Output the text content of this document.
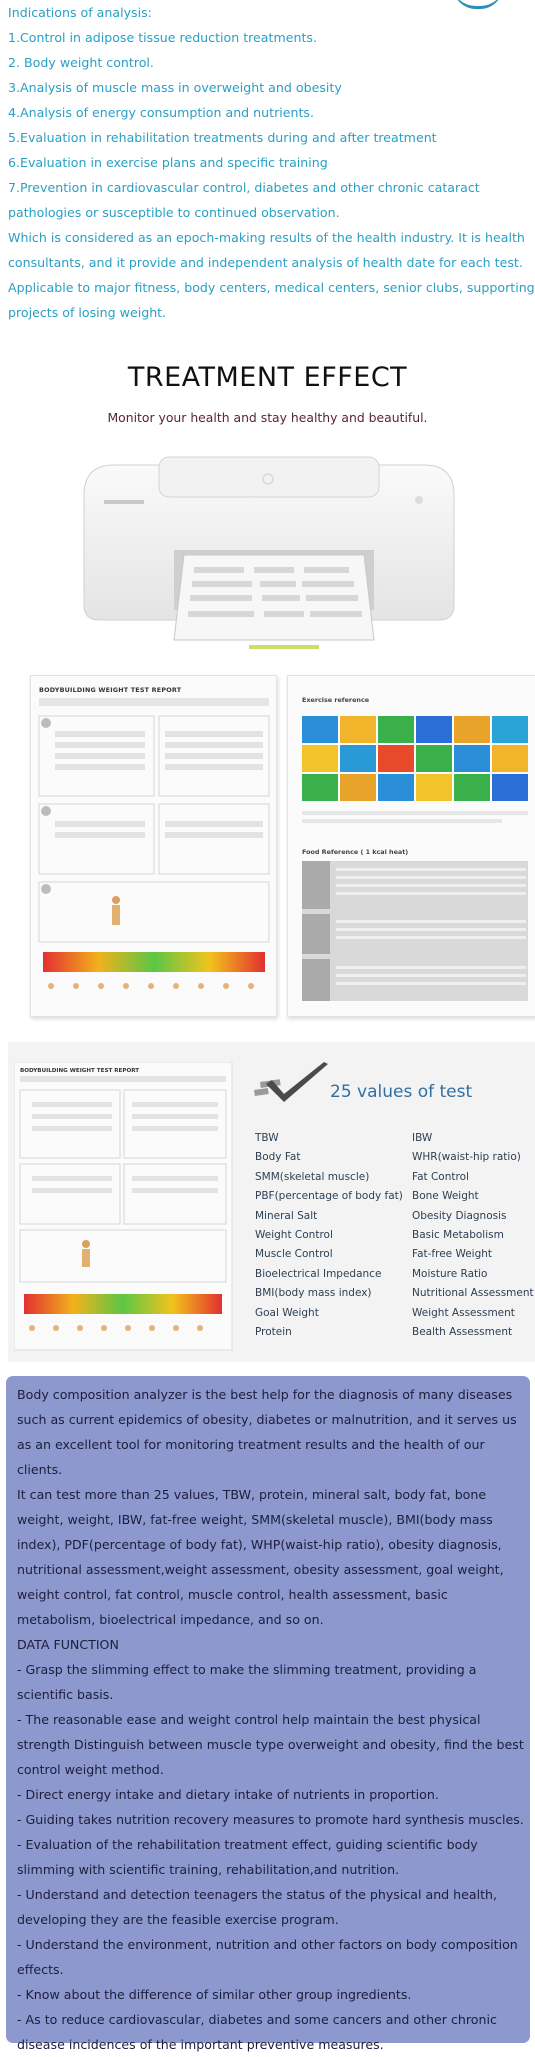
Indications of analysis:
1.Control in adipose tissue reduction treatments.
2. Body weight control.
3.Analysis of muscle mass in overweight and obesity
4.Analysis of energy consumption and nutrients.
5.Evaluation in rehabilitation treatments during and after treatment
6.Evaluation in exercise plans and specific training
7.Prevention in cardiovascular control, diabetes and other chronic cataract
pathologies or susceptible to continued observation.
Which is considered as an epoch-making results of the health industry. It is health
consultants, and it provide and independent analysis of health date for each test.
Applicable to major fitness, body centers, medical centers, senior clubs, supporting
projects of losing weight.
TREATMENT EFFECT
Monitor your health and stay healthy and beautiful.
BODYBUILDING WEIGHT TEST REPORT
Exercise reference
Food Reference ( 1 kcal heat)
BODYBUILDING WEIGHT TEST REPORT
25 values of test
TBW
Body Fat
SMM(skeletal muscle)
PBF(percentage of body fat)
Mineral Salt
Weight Control
Muscle Control
Bioelectrical Impedance
BMI(body mass index)
Goal Weight
Protein
IBW
WHR(waist-hip ratio)
Fat Control
Bone Weight
Obesity Diagnosis
Basic Metabolism
Fat-free Weight
Moisture Ratio
Nutritional Assessment
Weight Assessment
Bealth Assessment
Body composition analyzer is the best help for the diagnosis of many diseases such as current epidemics of obesity, diabetes or malnutrition, and it serves us as an excellent tool for monitoring treatment results and the health of our clients.
It can test more than 25 values, TBW, protein, mineral salt, body fat, bone weight, weight, IBW, fat-free weight, SMM(skeletal muscle), BMI(body mass index), PDF(percentage of body fat), WHP(waist-hip ratio), obesity diagnosis, nutritional assessment,weight assessment, obesity assessment, goal weight, weight control, fat control, muscle control, health assessment, basic metabolism, bioelectrical impedance, and so on.
DATA FUNCTION
- Grasp the slimming effect to make the slimming treatment, providing a scientific basis.
- The reasonable ease and weight control help maintain the best physical strength Distinguish between muscle type overweight and obesity, find the best control weight method.
- Direct energy intake and dietary intake of nutrients in proportion.
- Guiding takes nutrition recovery measures to promote hard synthesis muscles.
- Evaluation of the rehabilitation treatment effect, guiding scientific body slimming with scientific training, rehabilitation,and nutrition.
- Understand and detection teenagers the status of the physical and health, developing they are the feasible exercise program.
- Understand the environment, nutrition and other factors on body composition effects.
- Know about the difference of similar other group ingredients.
- As to reduce cardiovascular, diabetes and some cancers and other chronic disease incidences of the important preventive measures.
